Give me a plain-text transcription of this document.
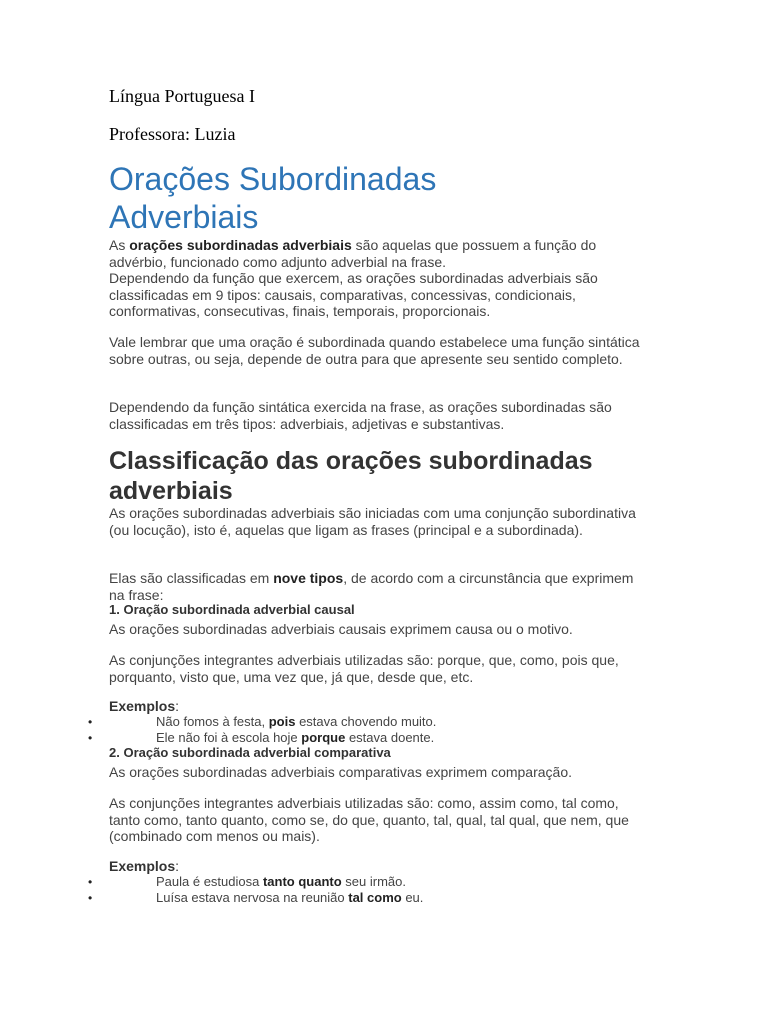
Língua Portuguesa I

Professora: Luzia

Orações Subordinadas Adverbiais

As orações subordinadas adverbiais são aquelas que possuem a função do advérbio, funcionado como adjunto adverbial na frase.
Dependendo da função que exercem, as orações subordinadas adverbiais são classificadas em 9 tipos: causais, comparativas, concessivas, condicionais, conformativas, consecutivas, finais, temporais, proporcionais.

Vale lembrar que uma oração é subordinada quando estabelece uma função sintática sobre outras, ou seja, depende de outra para que apresente seu sentido completo.

Dependendo da função sintática exercida na frase, as orações subordinadas são classificadas em três tipos: adverbiais, adjetivas e substantivas.

Classificação das orações subordinadas adverbiais

As orações subordinadas adverbiais são iniciadas com uma conjunção subordinativa (ou locução), isto é, aquelas que ligam as frases (principal e a subordinada).

Elas são classificadas em nove tipos, de acordo com a circunstância que exprimem na frase:

1. Oração subordinada adverbial causal

As orações subordinadas adverbiais causais exprimem causa ou o motivo.

As conjunções integrantes adverbiais utilizadas são: porque, que, como, pois que, porquanto, visto que, uma vez que, já que, desde que, etc.

Exemplos:

•	Não fomos à festa, pois estava chovendo muito.
•	Ele não foi à escola hoje porque estava doente.

2. Oração subordinada adverbial comparativa

As orações subordinadas adverbiais comparativas exprimem comparação.

As conjunções integrantes adverbiais utilizadas são: como, assim como, tal como, tanto como, tanto quanto, como se, do que, quanto, tal, qual, tal qual, que nem, que (combinado com menos ou mais).

Exemplos:

•	Paula é estudiosa tanto quanto seu irmão.
•	Luísa estava nervosa na reunião tal como eu.
